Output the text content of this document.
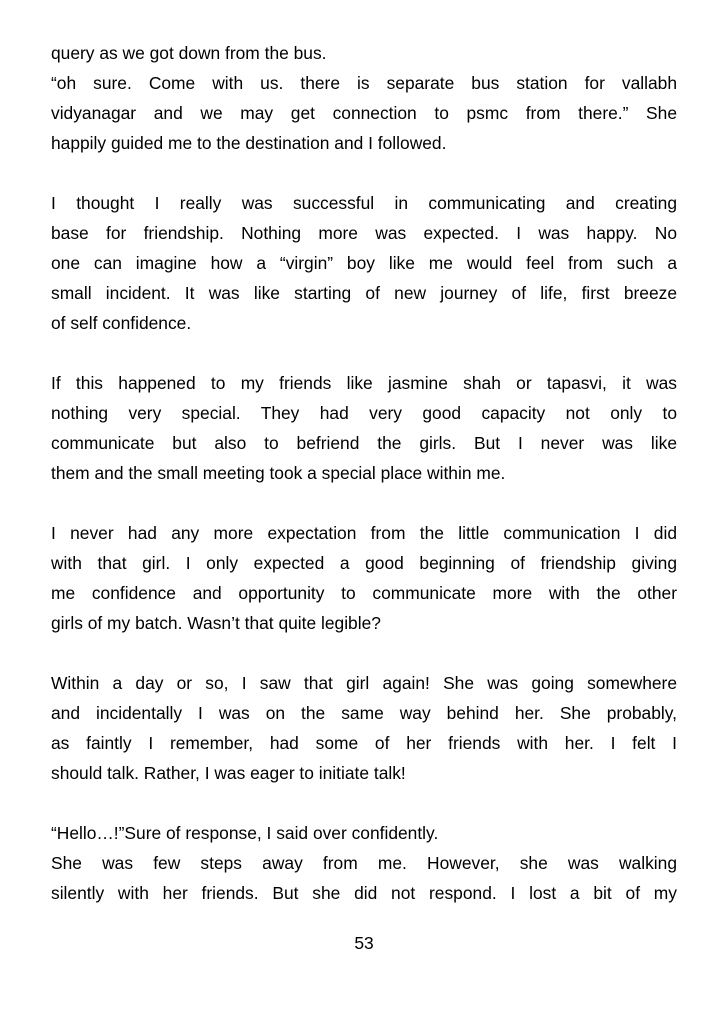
query as we got down from the bus.
“oh sure. Come with us. there is separate bus station for vallabh
vidyanagar and we may get connection to psmc from there.” She
happily guided me to the destination and I followed.
I thought I really was successful in communicating and creating
base for friendship. Nothing more was expected. I was happy. No
one can imagine how a “virgin” boy like me would feel from such a
small incident. It was like starting of new journey of life, first breeze
of self confidence.
If this happened to my friends like jasmine shah or tapasvi, it was
nothing very special. They had very good capacity not only to
communicate but also to befriend the girls. But I never was like
them and the small meeting took a special place within me.
I never had any more expectation from the little communication I did
with that girl. I only expected a good beginning of friendship giving
me confidence and opportunity to communicate more with the other
girls of my batch. Wasn’t that quite legible?
Within a day or so, I saw that girl again! She was going somewhere
and incidentally I was on the same way behind her. She probably,
as faintly I remember, had some of her friends with her. I felt I
should talk. Rather, I was eager to initiate talk!
“Hello…!”Sure of response, I said over confidently.
She was few steps away from me. However, she was walking
silently with her friends. But she did not respond. I lost a bit of my
53
